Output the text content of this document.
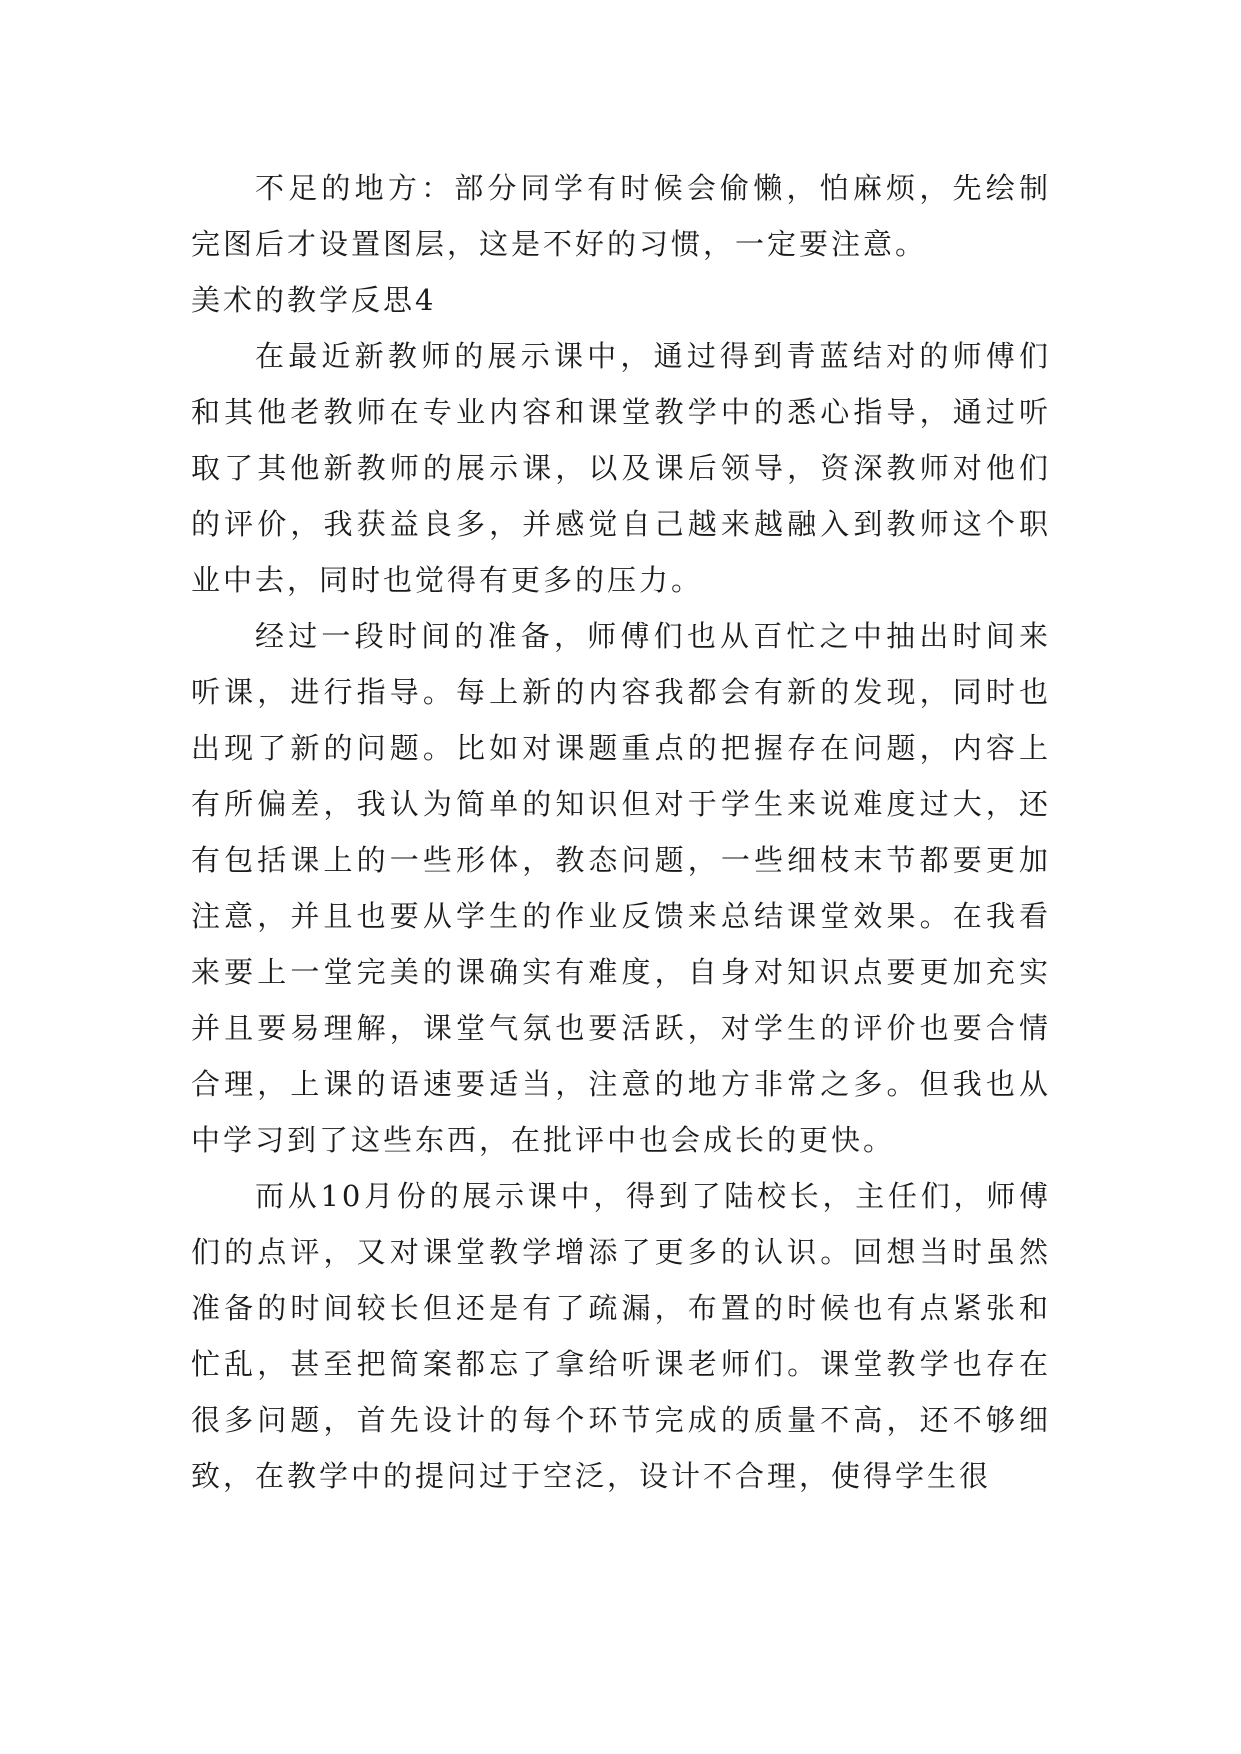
不足的地方：部分同学有时候会偷懒，怕麻烦，先绘制完图后才设置图层，这是不好的习惯，一定要注意。

美术的教学反思4

在最近新教师的展示课中，通过得到青蓝结对的师傅们和其他老教师在专业内容和课堂教学中的悉心指导，通过听取了其他新教师的展示课，以及课后领导，资深教师对他们的评价，我获益良多，并感觉自己越来越融入到教师这个职业中去，同时也觉得有更多的压力。

经过一段时间的准备，师傅们也从百忙之中抽出时间来听课，进行指导。每上新的内容我都会有新的发现，同时也出现了新的问题。比如对课题重点的把握存在问题，内容上有所偏差，我认为简单的知识但对于学生来说难度过大，还有包括课上的一些形体，教态问题，一些细枝末节都要更加注意，并且也要从学生的作业反馈来总结课堂效果。在我看来要上一堂完美的课确实有难度，自身对知识点要更加充实并且要易理解，课堂气氛也要活跃，对学生的评价也要合情合理，上课的语速要适当，注意的地方非常之多。但我也从中学习到了这些东西，在批评中也会成长的更快。

而从10月份的展示课中，得到了陆校长，主任们，师傅们的点评，又对课堂教学增添了更多的认识。回想当时虽然准备的时间较长但还是有了疏漏，布置的时候也有点紧张和忙乱，甚至把简案都忘了拿给听课老师们。课堂教学也存在很多问题，首先设计的每个环节完成的质量不高，还不够细致，在教学中的提问过于空泛，设计不合理，使得学生很
